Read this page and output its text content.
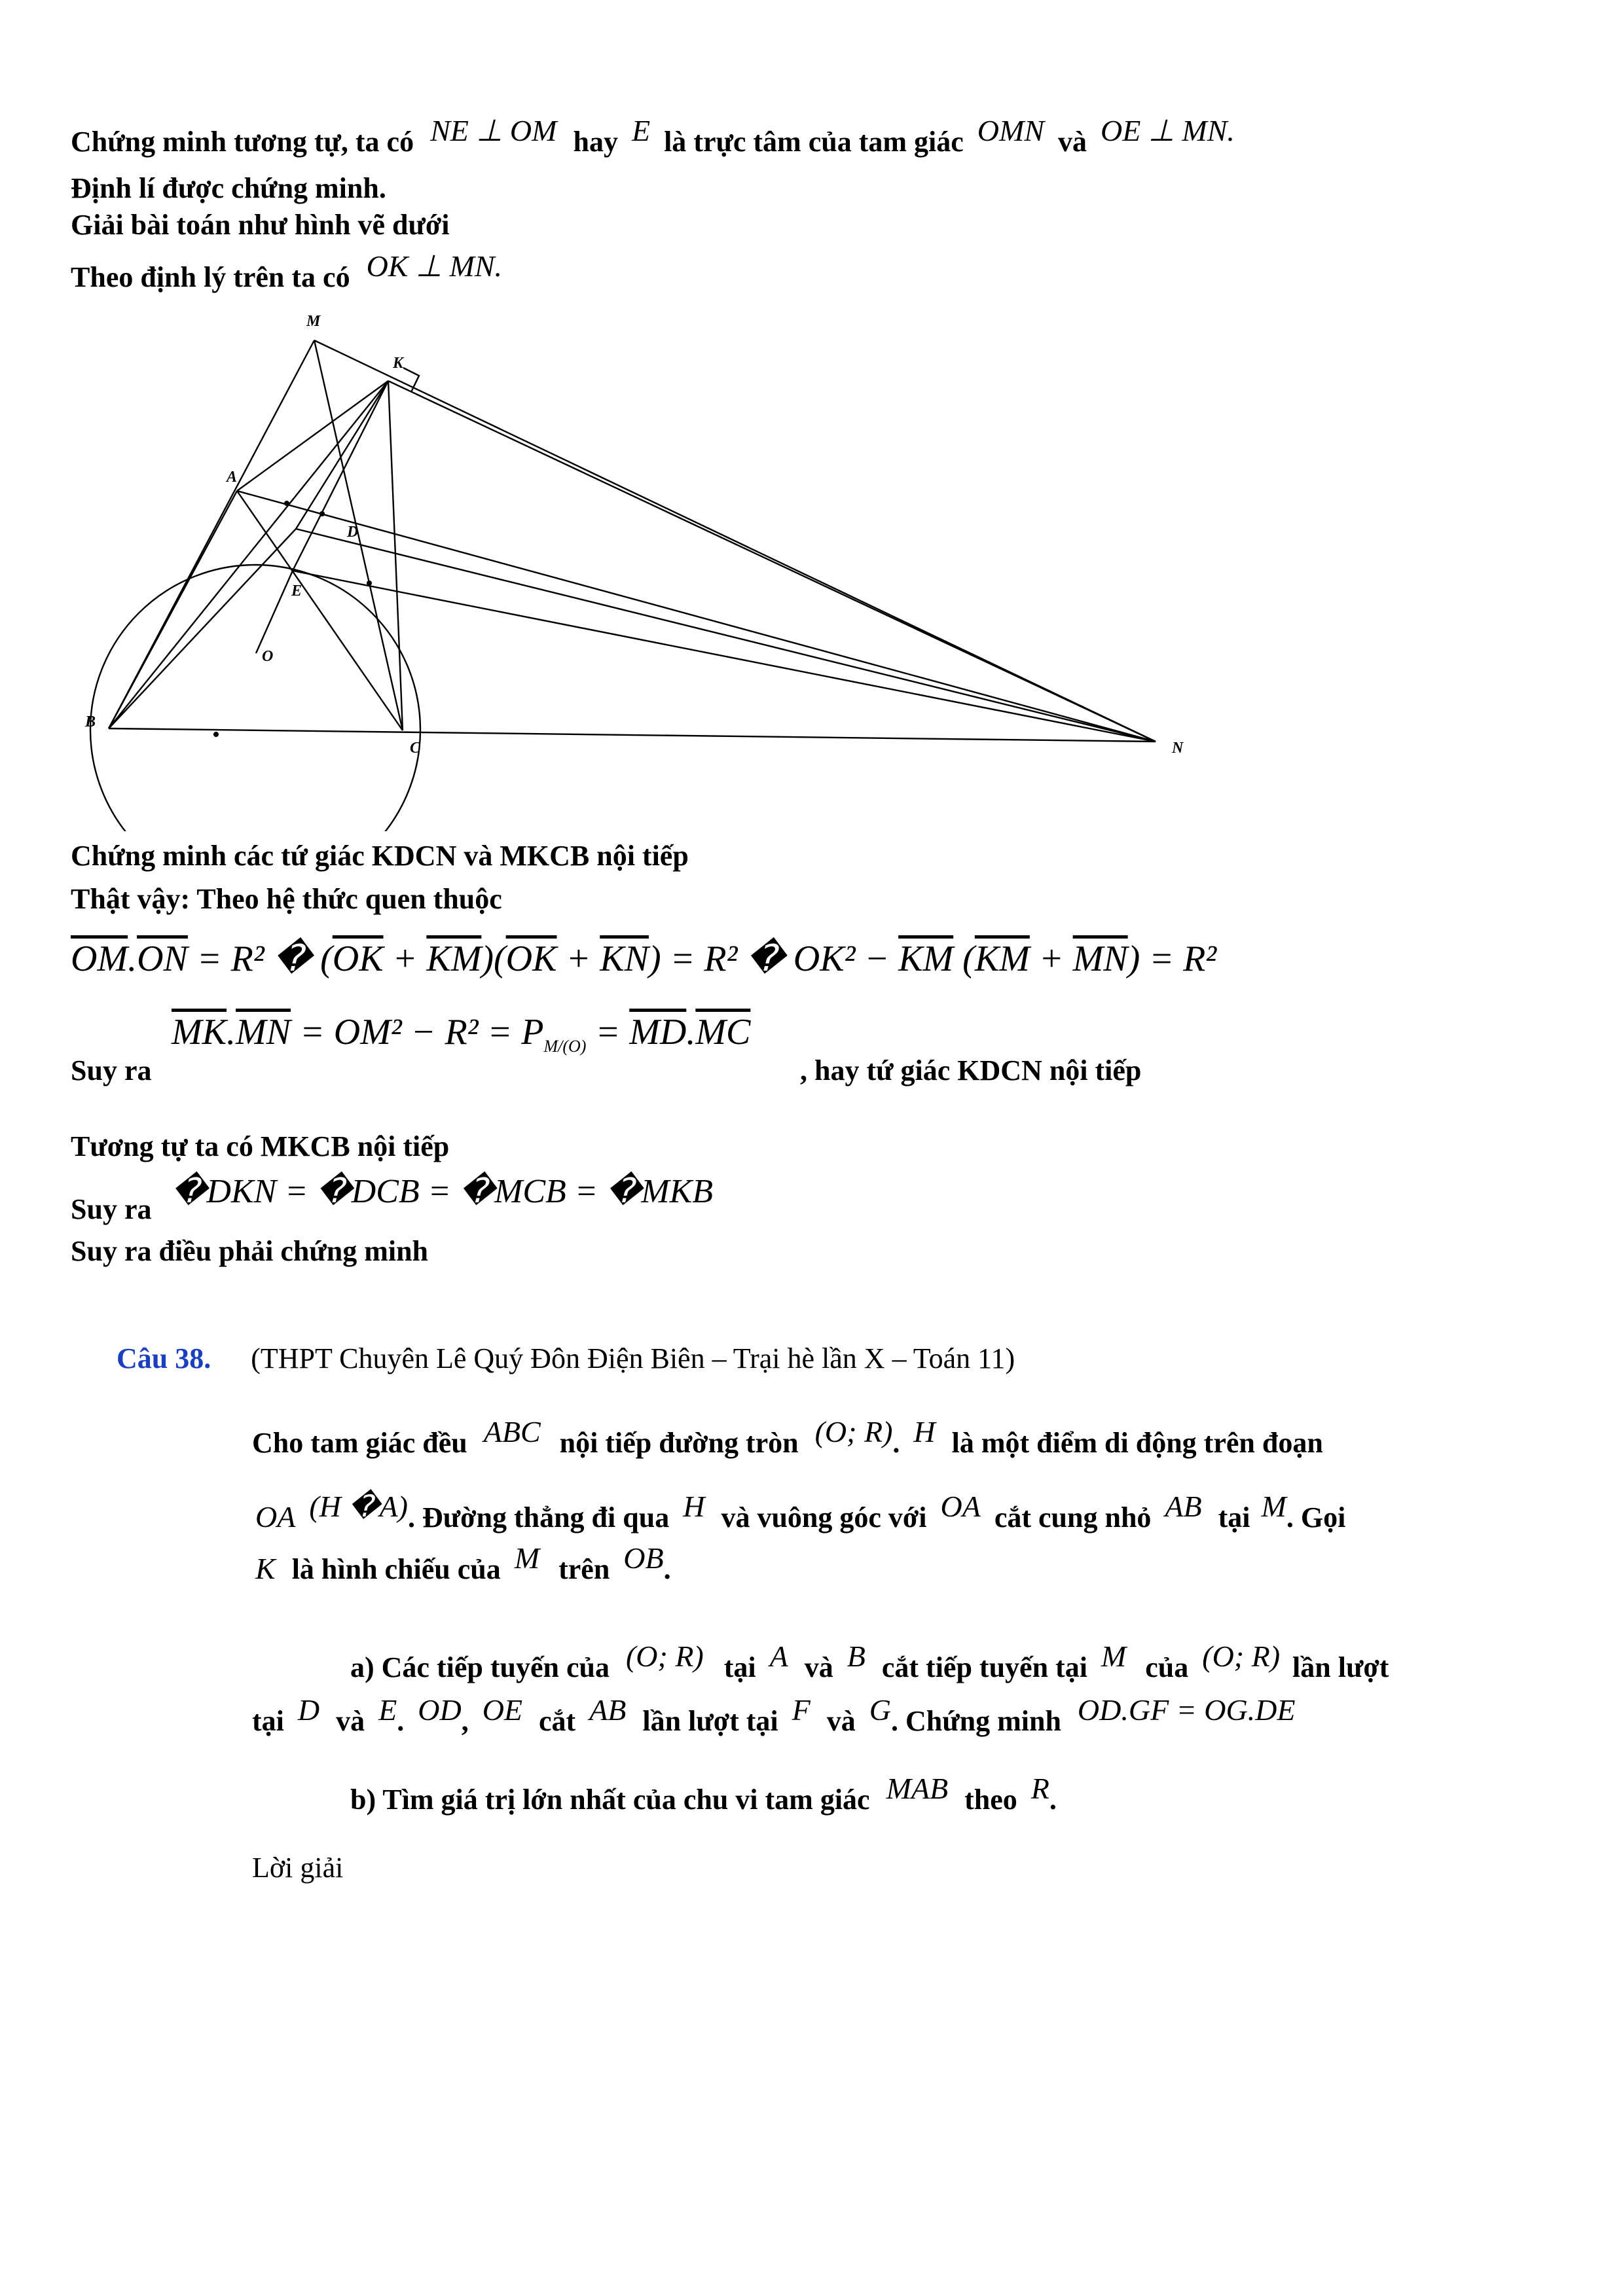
Chứng minh tương tự, ta có NE ⊥ OM hay E là trực tâm của tam giác OMN và OE ⊥ MN.
Định lí được chứng minh.
Giải bài toán như hình vẽ dưới
Theo định lý trên ta có OK ⊥ MN.
M
K
A
D
E
O
B
C	N
Chứng minh các tứ giác KDCN và MKCB nội tiếp
Thật vậy: Theo hệ thức quen thuộc
$\overline{OM}.\overline{ON} = R^2$ � $(\overline{OK} + \overline{KM})(\overline{OK} + \overline{KN}) = R^2$ � $OK^2 - \overline{KM}$ $(\overline{KM} + \overline{MN}) = R^2$
Suy ra
$\overline{MK}.\overline{MN} = OM^2 - R^2 = P_{M/(O)} = \overline{MD}.\overline{MC}$
, hay tứ giác KDCN nội tiếp
Tương tự ta có MKCB nội tiếp
Suy ra �DKN = �DCB = �MCB = �MKB
Suy ra điều phải chứng minh
Câu 38. (THPT Chuyên Lê Quý Đôn Điện Biên – Trại hè lần X – Toán 11)
Cho tam giác đều ABC nội tiếp đường tròn (O; R). H là một điểm di động trên đoạn
OA (H �A). Đường thẳng đi qua H và vuông góc với OA cắt cung nhỏ AB tại M. Gọi
K là hình chiếu của M trên OB.
a) Các tiếp tuyến của (O; R) tại A và B cắt tiếp tuyến tại M của (O; R) lần lượt
tại D và E. OD, OE cắt AB lần lượt tại F và G. Chứng minh OD.GF = OG.DE
b) Tìm giá trị lớn nhất của chu vi tam giác MAB theo R.
Lời giải
